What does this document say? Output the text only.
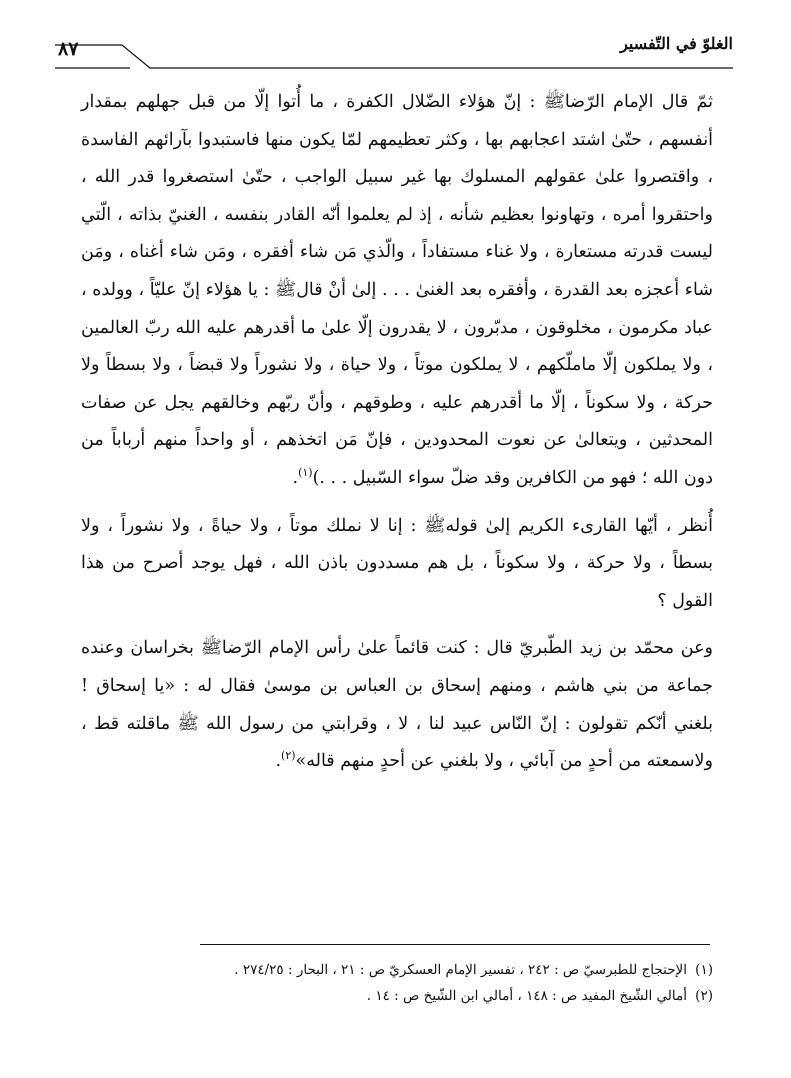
الغلوّ في التّفسير
٨٧

ثمّ قال الإمام الرّضاﷺ : إنّ هؤلاء الضّلال الكفرة ، ما أُتوا إلّا من قبل جهلهم بمقدار أنفسهم ، حتّىٰ اشتد اعجابهم بها ، وكثر تعظيمهم لمّا يكون منها فاستبدوا بآرائهم الفاسدة ، واقتصروا علىٰ عقولهم المسلوك بها غير سبيل الواجب ، حتّىٰ استصغروا قدر الله ، واحتقروا أمره ، وتهاونوا بعظيم شأنه ، إذ لم يعلموا أنّه القادر بنفسه ، الغنيّ بذاته ، الّتي ليست قدرته مستعارة ، ولا غناء مستفاداً ، والّذي مَن شاء أفقره ، ومَن شاء أغناه ، ومَن شاء أعجزه بعد القدرة ، وأفقره بعد الغنىٰ . . . إلىٰ أنْ قالﷺ : يا هؤلاء إنّ عليّاً ، وولده ، عباد مكرمون ، مخلوقون ، مدبّرون ، لا يقدرون إلّا علىٰ ما أقدرهم عليه الله ربّ العالمين ، ولا يملكون إلّا ماملّكهم ، لا يملكون موتاً ، ولا حياة ، ولا نشوراً ولا قبضاً ، ولا بسطاً ولا حركة ، ولا سكوناً ، إلّا ما أقدرهم عليه ، وطوقهم ، وأنّ ربّهم وخالقهم يجل عن صفات المحدثين ، ويتعالىٰ عن نعوت المحدودين ، فإنّ مَن اتخذهم ، أو واحداً منهم أرباباً من دون الله ؛ فهو من الكافرين وقد ضلّ سواء السّبيل . . .)$^{(١)}$.

أُنظر ، أيّها القارىء الكريم إلىٰ قولهﷺ : إنا لا نملك موتاً ، ولا حياةً ، ولا نشوراً ، ولا بسطاً ، ولا حركة ، ولا سكوناً ، بل هم مسددون باذن الله ، فهل يوجد أصرح من هذا القول ؟

وعن محمّد بن زيد الطّبريّ قال : كنت قائماً علىٰ رأس الإمام الرّضاﷺ بخراسان وعنده جماعة من بني هاشم ، ومنهم إسحاق بن العباس بن موسىٰ فقال له : «يا إسحاق ! بلغني أنّكم تقولون : إنّ النّاس عبيد لنا ، لا ، وقرابتي من رسول الله ﷺ ماقلته قط ، ولاسمعته من أحدٍ من آبائي ، ولا بلغني عن أحدٍ منهم قاله»$^{(٢)}$.

(١)الإحتجاج للطبرسيّ ص : ٢٤٢ ، تفسير الإمام العسكريّ ص : ٢١ ، البحار : ٢٧٤/٢٥ .

(٢)أمالي الشّيخ المفيد ص : ١٤٨ ، أمالي ابن الشّيخ ص : ١٤ .
